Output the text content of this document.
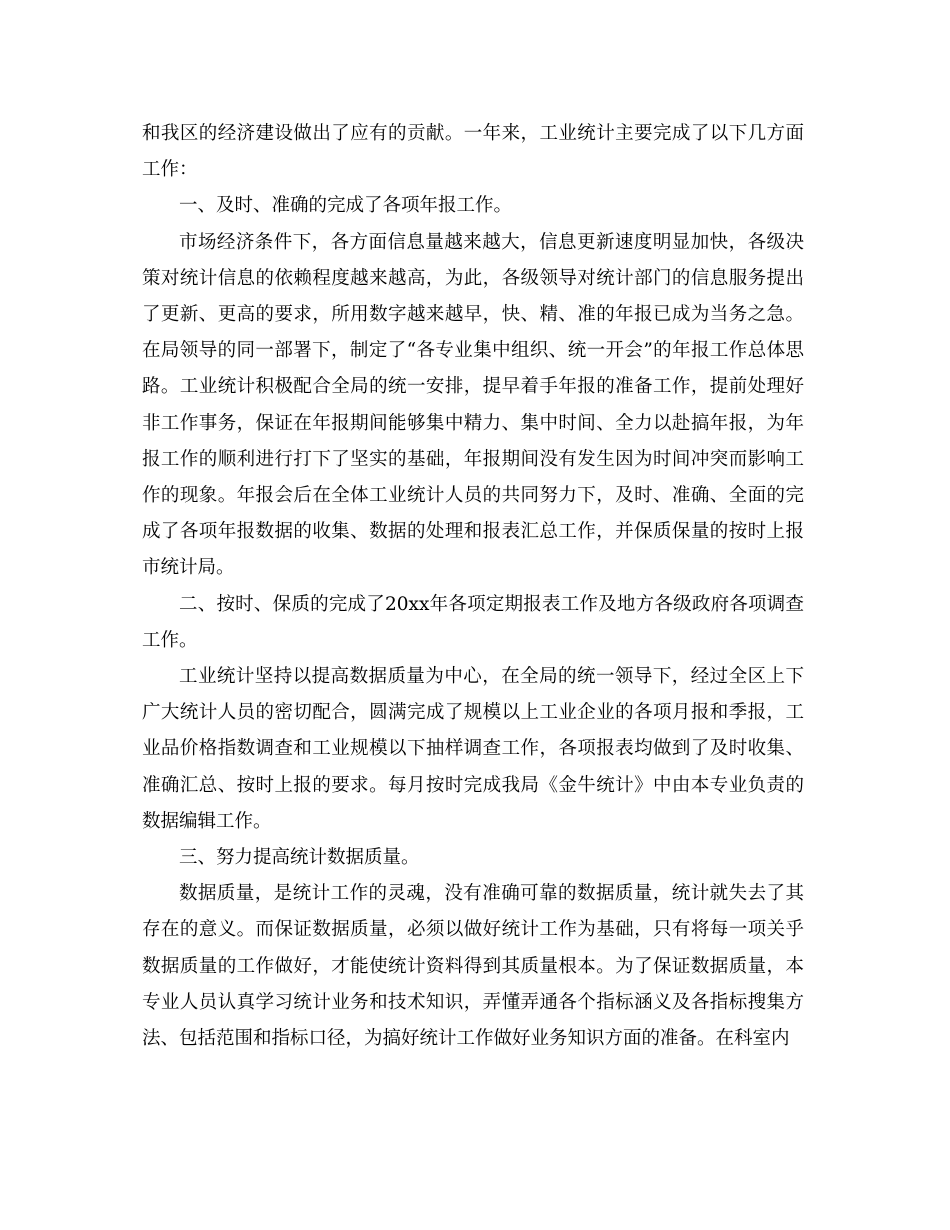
和我区的经济建设做出了应有的贡献。一年来，工业统计主要完成了以下几方面工作：

一、及时、准确的完成了各项年报工作。

市场经济条件下，各方面信息量越来越大，信息更新速度明显加快，各级决策对统计信息的依赖程度越来越高，为此，各级领导对统计部门的信息服务提出了更新、更高的要求，所用数字越来越早，快、精、准的年报已成为当务之急。在局领导的同一部署下，制定了“各专业集中组织、统一开会”的年报工作总体思路。工业统计积极配合全局的统一安排，提早着手年报的准备工作，提前处理好非工作事务，保证在年报期间能够集中精力、集中时间、全力以赴搞年报，为年报工作的顺利进行打下了坚实的基础，年报期间没有发生因为时间冲突而影响工作的现象。年报会后在全体工业统计人员的共同努力下，及时、准确、全面的完成了各项年报数据的收集、数据的处理和报表汇总工作，并保质保量的按时上报市统计局。

二、按时、保质的完成了20xx年各项定期报表工作及地方各级政府各项调查工作。

工业统计坚持以提高数据质量为中心，在全局的统一领导下，经过全区上下广大统计人员的密切配合，圆满完成了规模以上工业企业的各项月报和季报，工业品价格指数调查和工业规模以下抽样调查工作，各项报表均做到了及时收集、准确汇总、按时上报的要求。每月按时完成我局《金牛统计》中由本专业负责的数据编辑工作。

三、努力提高统计数据质量。

数据质量，是统计工作的灵魂，没有准确可靠的数据质量，统计就失去了其存在的意义。而保证数据质量，必须以做好统计工作为基础，只有将每一项关乎数据质量的工作做好，才能使统计资料得到其质量根本。为了保证数据质量，本专业人员认真学习统计业务和技术知识，弄懂弄通各个指标涵义及各指标搜集方法、包括范围和指标口径，为搞好统计工作做好业务知识方面的准备。在科室内
